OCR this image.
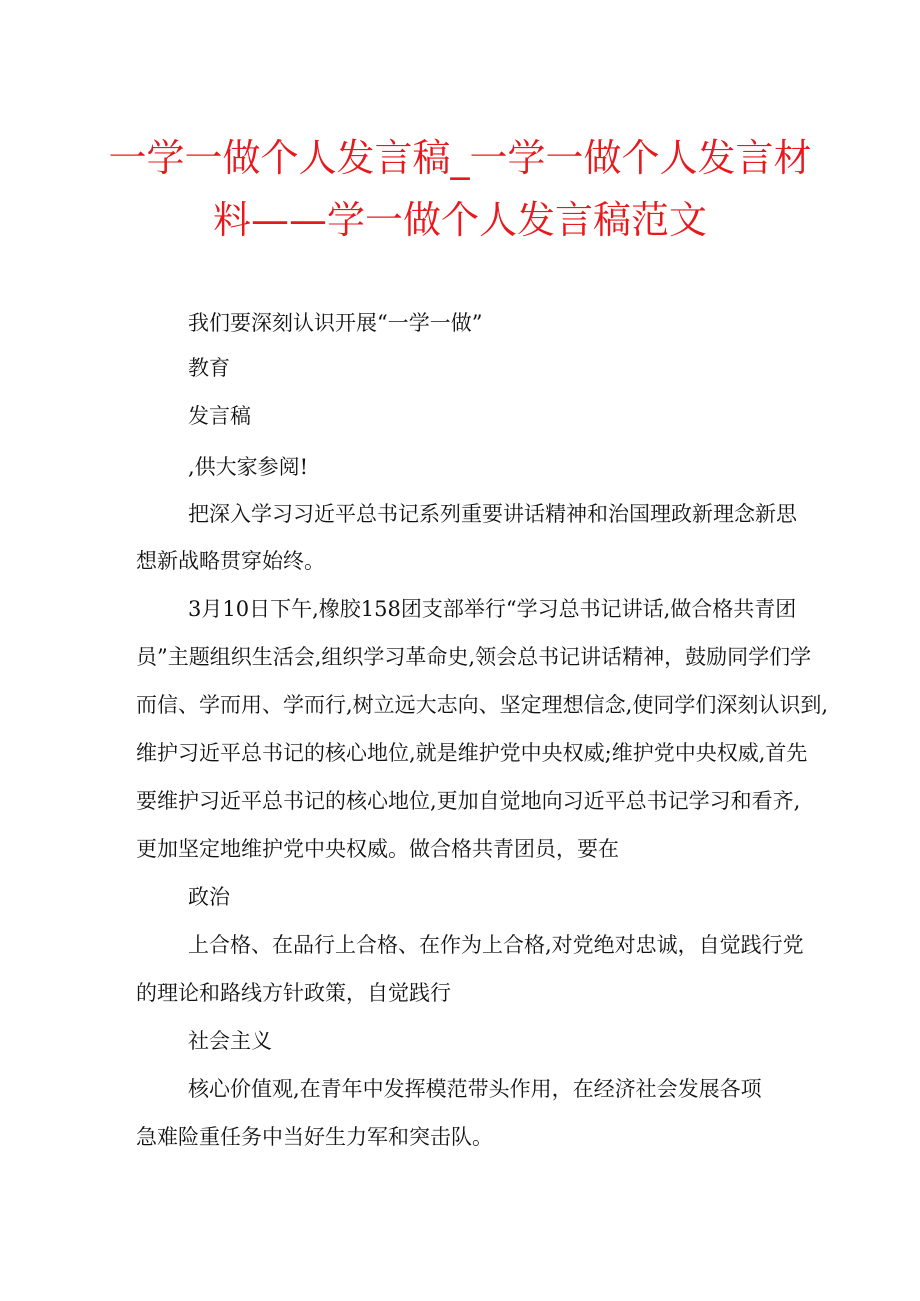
一学一做个人发言稿_一学一做个人发言材
料——学一做个人发言稿范文
我们要深刻认识开展“一学一做”
教育
发言稿
,供大家参阅!
把深入学习习近平总书记系列重要讲话精神和治国理政新理念新思
想新战略贯穿始终。
3月10日下午,橡胶158团支部举行“学习总书记讲话,做合格共青团
员”主题组织生活会,组织学习革命史,领会总书记讲话精神，鼓励同学们学
而信、学而用、学而行,树立远大志向、坚定理想信念,使同学们深刻认识到,
维护习近平总书记的核心地位,就是维护党中央权威;维护党中央权威,首先
要维护习近平总书记的核心地位,更加自觉地向习近平总书记学习和看齐,
更加坚定地维护党中央权威。做合格共青团员，要在
政治
上合格、在品行上合格、在作为上合格,对党绝对忠诚，自觉践行党
的理论和路线方针政策，自觉践行
社会主义
核心价值观,在青年中发挥模范带头作用，在经济社会发展各项
急难险重任务中当好生力军和突击队。
